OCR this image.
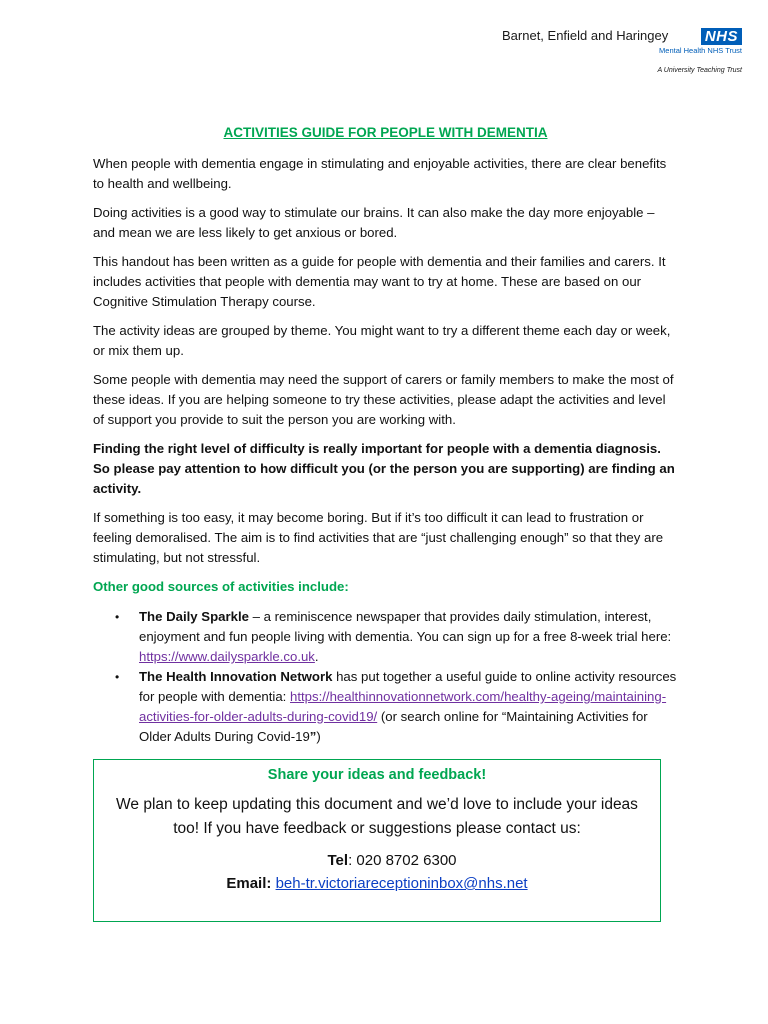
Barnet, Enfield and Haringey NHS
Mental Health NHS Trust
A University Teaching Trust
ACTIVITIES GUIDE FOR PEOPLE WITH DEMENTIA

When people with dementia engage in stimulating and enjoyable activities, there are clear benefits to health and wellbeing.

Doing activities is a good way to stimulate our brains. It can also make the day more enjoyable – and mean we are less likely to get anxious or bored.

This handout has been written as a guide for people with dementia and their families and carers. It includes activities that people with dementia may want to try at home. These are based on our Cognitive Stimulation Therapy course.

The activity ideas are grouped by theme. You might want to try a different theme each day or week, or mix them up.

Some people with dementia may need the support of carers or family members to make the most of these ideas. If you are helping someone to try these activities, please adapt the activities and level of support you provide to suit the person you are working with.

Finding the right level of difficulty is really important for people with a dementia diagnosis. So please pay attention to how difficult you (or the person you are supporting) are finding an activity.

If something is too easy, it may become boring. But if it’s too difficult it can lead to frustration or feeling demoralised. The aim is to find activities that are “just challenging enough” so that they are stimulating, but not stressful.

Other good sources of activities include:
• The Daily Sparkle – a reminiscence newspaper that provides daily stimulation, interest, enjoyment and fun people living with dementia. You can sign up for a free 8-week trial here: https://www.dailysparkle.co.uk.
• The Health Innovation Network has put together a useful guide to online activity resources for people with dementia: https://healthinnovationnetwork.com/healthy-ageing/maintaining-activities-for-older-adults-during-covid19/ (or search online for “Maintaining Activities for Older Adults During Covid-19”)
Share your ideas and feedback!
We plan to keep updating this document and we’d love to include your ideas too! If you have feedback or suggestions please contact us:
Tel: 020 8702 6300
Email: beh-tr.victoriareceptioninbox@nhs.net
